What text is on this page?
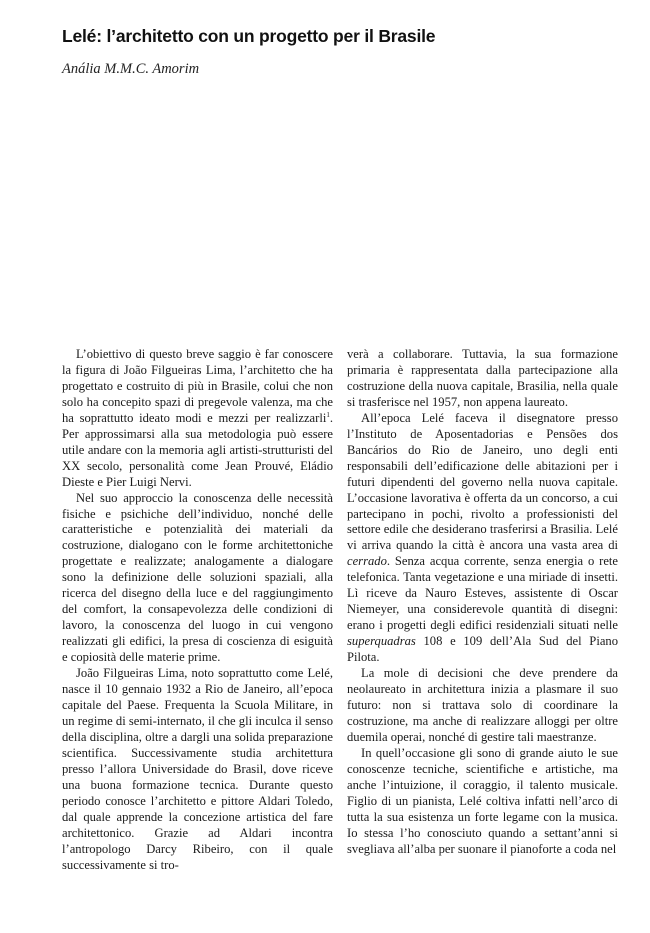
Lelé: l’architetto con un progetto per il Brasile
Anália M.M.C. Amorim

L’obiettivo di questo breve saggio è far conoscere la figura di João Filgueiras Lima, l’architetto che ha progettato e costruito di più in Brasile, colui che non solo ha concepito spazi di pregevole valenza, ma che ha soprattutto ideato modi e mezzi per realizzarli$^1$. Per approssimarsi alla sua metodologia può essere utile andare con la memoria agli artisti-strutturisti del XX secolo, personalità come Jean Prouvé, Eládio Dieste e Pier Luigi Nervi.

Nel suo approccio la conoscenza delle necessità fisiche e psichiche dell’individuo, nonché delle caratteristiche e potenzialità dei materiali da costruzione, dialogano con le forme architettoniche progettate e realizzate; analogamente a dialogare sono la definizione delle soluzioni spaziali, alla ricerca del disegno della luce e del raggiungimento del comfort, la consapevolezza delle condizioni di lavoro, la conoscenza del luogo in cui vengono realizzati gli edifici, la presa di coscienza di esiguità e copiosità delle materie prime.

João Filgueiras Lima, noto soprattutto come Lelé, nasce il 10 gennaio 1932 a Rio de Janeiro, all’epoca capitale del Paese. Frequenta la Scuola Militare, in un regime di semi-internato, il che gli inculca il senso della disciplina, oltre a dargli una solida preparazione scientifica. Successivamente studia architettura presso l’allora Universidade do Brasil, dove riceve una buona formazione tecnica. Durante questo periodo conosce l’architetto e pittore Aldari Toledo, dal quale apprende la concezione artistica del fare architettonico. Grazie ad Aldari incontra l’antropologo Darcy Ribeiro, con il quale successivamente si tro-

verà a collaborare. Tuttavia, la sua formazione primaria è rappresentata dalla partecipazione alla costruzione della nuova capitale, Brasilia, nella quale si trasferisce nel 1957, non appena laureato.

All’epoca Lelé faceva il disegnatore presso l’Instituto de Aposentadorias e Pensões dos Bancários do Rio de Janeiro, uno degli enti responsabili dell’edificazione delle abitazioni per i futuri dipendenti del governo nella nuova capitale. L’occasione lavorativa è offerta da un concorso, a cui partecipano in pochi, rivolto a professionisti del settore edile che desiderano trasferirsi a Brasilia. Lelé vi arriva quando la città è ancora una vasta area di cerrado. Senza acqua corrente, senza energia o rete telefonica. Tanta vegetazione e una miriade di insetti. Lì riceve da Nauro Esteves, assistente di Oscar Niemeyer, una considerevole quantità di disegni: erano i progetti degli edifici residenziali situati nelle superquadras 108 e 109 dell’Ala Sud del Piano Pilota.

La mole di decisioni che deve prendere da neolaureato in architettura inizia a plasmare il suo futuro: non si trattava solo di coordinare la costruzione, ma anche di realizzare alloggi per oltre duemila operai, nonché di gestire tali maestranze.

In quell’occasione gli sono di grande aiuto le sue conoscenze tecniche, scientifiche e artistiche, ma anche l’intuizione, il coraggio, il talento musicale. Figlio di un pianista, Lelé coltiva infatti nell’arco di tutta la sua esistenza un forte legame con la musica. Io stessa l’ho conosciuto quando a settant’anni si svegliava all’alba per suonare il pianoforte a coda nel
